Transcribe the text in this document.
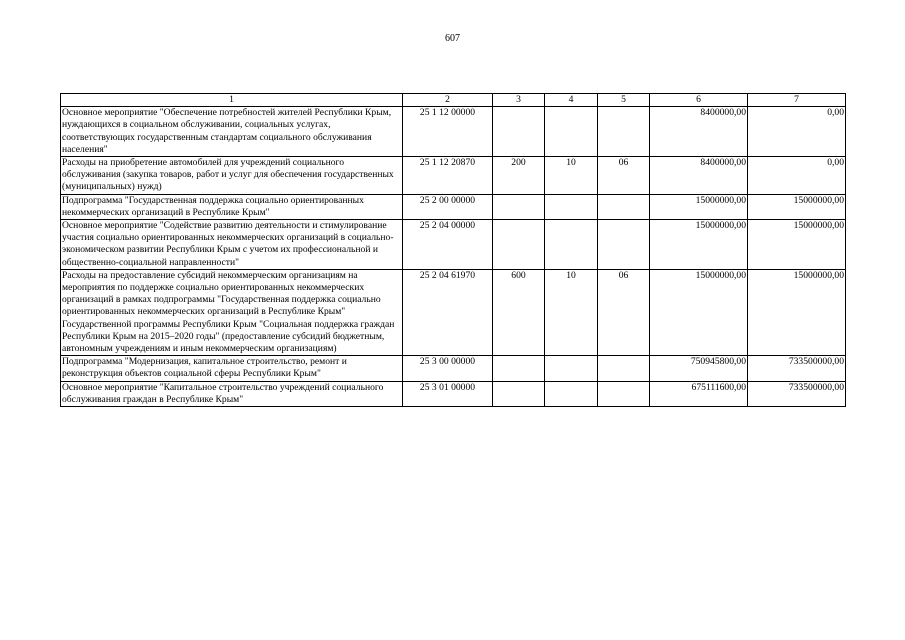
607
1	2	3	4	5	6	7
Основное мероприятие "Обеспечение потребностей жителей Республики Крым, нуждающихся в социальном обслуживании, социальных услугах, соответствующих государственным стандартам социального обслуживания населения"	25 1 12 00000				8400000,00	0,00
Расходы на приобретение автомобилей для учреждений социального обслуживания (закупка товаров, работ и услуг для обеспечения государственных (муниципальных) нужд)	25 1 12 20870	200	10	06	8400000,00	0,00
Подпрограмма "Государственная поддержка социально ориентированных некоммерческих организаций в Республике Крым"	25 2 00 00000				15000000,00	15000000,00
Основное мероприятие "Содействие развитию деятельности и стимулирование участия социально ориентированных некоммерческих организаций в социально-экономическом развитии Республики Крым с учетом их профессиональной и общественно-социальной направленности"	25 2 04 00000				15000000,00	15000000,00
Расходы на предоставление субсидий некоммерческим организациям на мероприятия по поддержке социально ориентированных некоммерческих организаций в рамках подпрограммы "Государственная поддержка социально ориентированных некоммерческих организаций в Республике Крым" Государственной программы Республики Крым "Социальная поддержка граждан Республики Крым на 2015–2020 годы" (предоставление субсидий бюджетным, автономным учреждениям и иным некоммерческим организациям)	25 2 04 61970	600	10	06	15000000,00	15000000,00
Подпрограмма "Модернизация, капитальное строительство, ремонт и реконструкция объектов социальной сферы Республики Крым"	25 3 00 00000				750945800,00	733500000,00
Основное мероприятие "Капитальное строительство учреждений социального обслуживания граждан в Республике Крым"	25 3 01 00000				675111600,00	733500000,00
